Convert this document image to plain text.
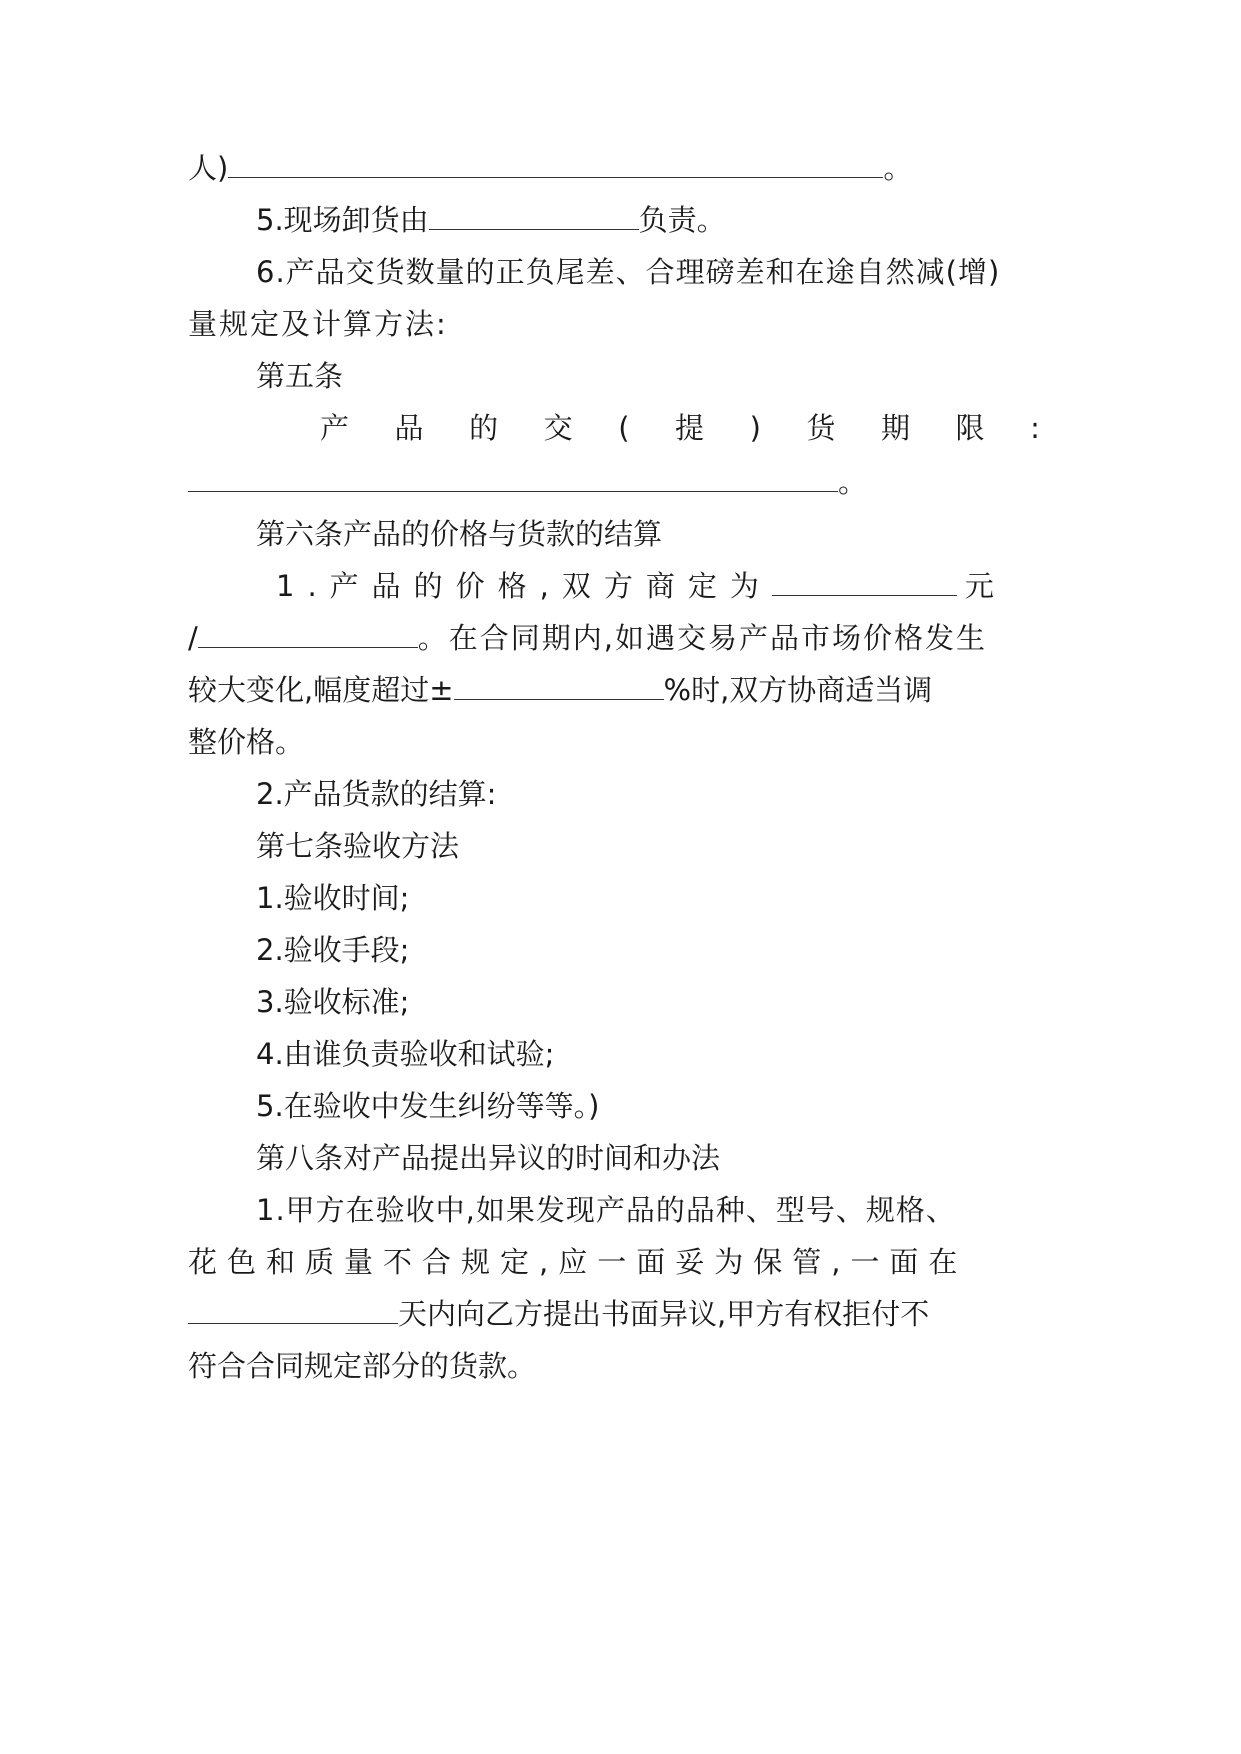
人)	。
5.现场卸货由	负责。
6.产品交货数量的正负尾差、合理磅差和在途自然减(增)
量规定及计算方法:
第五条
产 品 的 交 ( 提 ) 货 期 限 :
。
第六条产品的价格与货款的结算
1.产品的价格,双方商定为	元
/	。在合同期内,如遇交易产品市场价格发生
较大变化,幅度超过±	%时,双方协商适当调
整价格。
2.产品货款的结算:
第七条验收方法
1.验收时间;
2.验收手段;
3.验收标准;
4.由谁负责验收和试验;
5.在验收中发生纠纷等等。)
第八条对产品提出异议的时间和办法
1.甲方在验收中,如果发现产品的品种、型号、规格、
花色和质量不合规定,应一面妥为保管,一面在
天内向乙方提出书面异议,甲方有权拒付不
符合合同规定部分的货款。
